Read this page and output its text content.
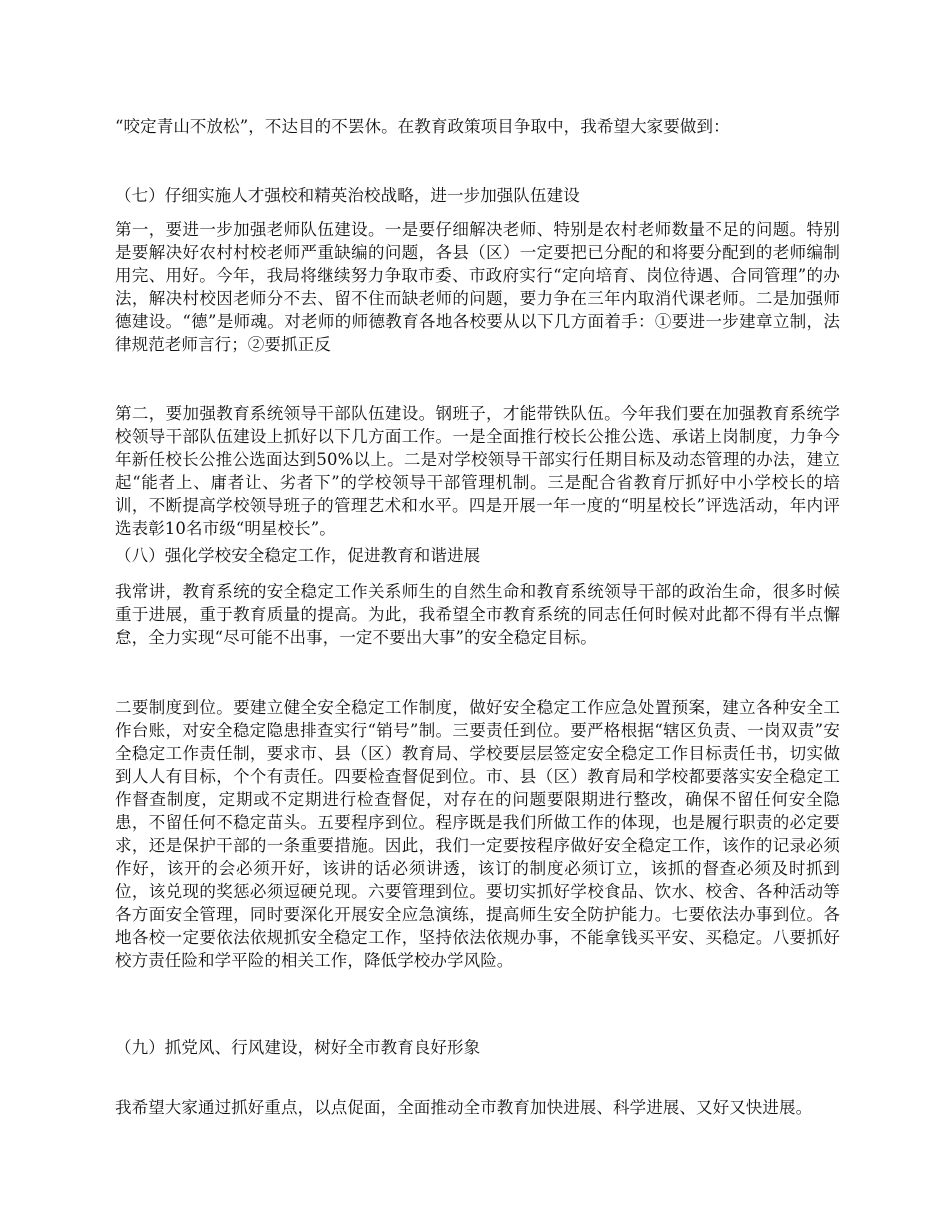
“咬定青山不放松”，不达目的不罢休。在教育政策项目争取中，我希望大家要做到：

（七）仔细实施人才强校和精英治校战略，进一步加强队伍建设

第一，要进一步加强老师队伍建设。一是要仔细解决老师、特别是农村老师数量不足的问题。特别是要解决好农村村校老师严重缺编的问题，各县（区）一定要把已分配的和将要分配到的老师编制用完、用好。今年，我局将继续努力争取市委、市政府实行“定向培育、岗位待遇、合同管理”的办法，解决村校因老师分不去、留不住而缺老师的问题，要力争在三年内取消代课老师。二是加强师德建设。“德”是师魂。对老师的师德教育各地各校要从以下几方面着手：①要进一步建章立制，法律规范老师言行；②要抓正反

第二，要加强教育系统领导干部队伍建设。钢班子，才能带铁队伍。今年我们要在加强教育系统学校领导干部队伍建设上抓好以下几方面工作。一是全面推行校长公推公选、承诺上岗制度，力争今年新任校长公推公选面达到50%以上。二是对学校领导干部实行任期目标及动态管理的办法，建立起“能者上、庸者让、劣者下”的学校领导干部管理机制。三是配合省教育厅抓好中小学校长的培训，不断提高学校领导班子的管理艺术和水平。四是开展一年一度的“明星校长”评选活动，年内评选表彰10名市级“明星校长”。

（八）强化学校安全稳定工作，促进教育和谐进展

我常讲，教育系统的安全稳定工作关系师生的自然生命和教育系统领导干部的政治生命，很多时候重于进展，重于教育质量的提高。为此，我希望全市教育系统的同志任何时候对此都不得有半点懈怠，全力实现“尽可能不出事，一定不要出大事”的安全稳定目标。

二要制度到位。要建立健全安全稳定工作制度，做好安全稳定工作应急处置预案，建立各种安全工作台账，对安全稳定隐患排查实行“销号”制。三要责任到位。要严格根据“辖区负责、一岗双责”安全稳定工作责任制，要求市、县（区）教育局、学校要层层签定安全稳定工作目标责任书，切实做到人人有目标，个个有责任。四要检查督促到位。市、县（区）教育局和学校都要落实安全稳定工作督查制度，定期或不定期进行检查督促，对存在的问题要限期进行整改，确保不留任何安全隐患，不留任何不稳定苗头。五要程序到位。程序既是我们所做工作的体现，也是履行职责的必定要求，还是保护干部的一条重要措施。因此，我们一定要按程序做好安全稳定工作，该作的记录必须作好，该开的会必须开好，该讲的话必须讲透，该订的制度必须订立，该抓的督查必须及时抓到位，该兑现的奖惩必须逗硬兑现。六要管理到位。要切实抓好学校食品、饮水、校舍、各种活动等各方面安全管理，同时要深化开展安全应急演练，提高师生安全防护能力。七要依法办事到位。各地各校一定要依法依规抓安全稳定工作，坚持依法依规办事，不能拿钱买平安、买稳定。八要抓好校方责任险和学平险的相关工作，降低学校办学风险。

（九）抓党风、行风建设，树好全市教育良好形象

我希望大家通过抓好重点，以点促面，全面推动全市教育加快进展、科学进展、又好又快进展。
